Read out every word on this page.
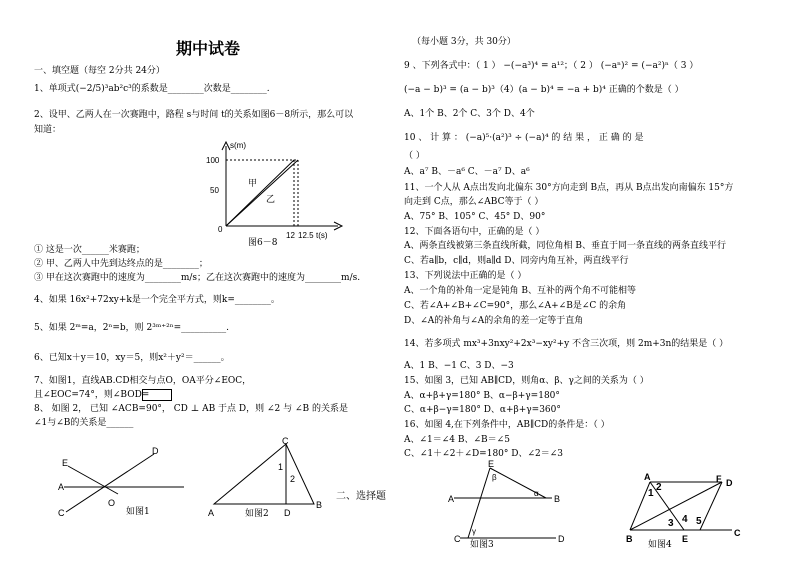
期中试卷
一、填空题（每空 2分共 24分）
1、单项式(−2/5)³ab²c³的系数是________次数是________.
2、设甲、乙两人在一次赛跑中，路程 s与时间 t的关系如图6－8所示，那么可以
知道：
s(m)
100
50
0
12 12.5 t(s)
甲
乙
图6－8
① 这是一次______米赛跑；
② 甲、乙两人中先到达终点的是________；
③ 甲在这次赛跑中的速度为________m/s；乙在这次赛跑中的速度为________m/s.
4、如果 16x²+72xy+k是一个完全平方式，则k=________。
5、如果 2ᵐ=a，2ⁿ=b，则 2³ᵐ⁺²ⁿ=__________.
6、已知x＋y＝10，xy＝5，则x²＋y²＝______。
7、如图1，直线AB.CD相交与点O，OA平分∠EOC，
且∠EOC=74°，则∠BOD=
8、 如图 2， 已知 ∠ACB=90°， CD ⊥ AB 于点 D，则 ∠2 与 ∠B 的关系是
∠1与∠B的关系是______
E
D
A
O
C	如图1
C
1
2
A	D
B
如图2
二、选择题
（每小题 3分，共 30分）
9 、下列各式中：（ 1 ） −(−a³)⁴ = a¹²；（ 2 ） (−aⁿ)² = (−a²)ⁿ（ 3 ）
(−a − b)³ = (a − b)³（4）(a − b)⁴ = −a + b)⁴ 正确的个数是（ ）
A、1个 B、2个 C、3个 D、4个
10 、 计 算 ： (−a)⁵·(a²)³ ÷ (−a)⁴ 的 结 果 ， 正 确 的 是
（ ）
A、a⁷ B、－a⁶ C、－a⁷ D、a⁶
11、一个人从 A点出发向北偏东 30°方向走到 B点，再从 B点出发向南偏东 15°方
向走到 C点，那么∠ABC等于（ ）
A、75° B、105° C、45° D、90°
12、下面各语句中，正确的是（ ）
A、两条直线被第三条直线所截，同位角相 B、垂直于同一条直线的两条直线平行
C、若a∥b，c∥d，则a∥d D、同旁内角互补，两直线平行
13、下列说法中正确的是（ ）
A、一个角的补角一定是钝角 B、互补的两个角不可能相等
C、若∠A+∠B+∠C=90°，那么∠A+∠B是∠C 的余角
D、∠A的补角与∠A的余角的差一定等于直角
14、若多项式 mx³+3nxy²+2x³−xy²+y 不含三次项，则 2m+3n的结果是（ ）
A、1 B、−1 C、3 D、−3
15、如图 3，已知 AB∥CD，则角α、β、γ之间的关系为（ ）
A、α+β+γ=180° B、α−β+γ=180°
C、α+β−γ=180° D、α+β+γ=360°
16、如图 4,在下列条件中，AB∥CD的条件是：（ ）
A、∠1＝∠4 B、∠B＝∠5
C、∠1＋∠2＋∠D=180° D、∠2＝∠3
E
β
A
α
B
C
γ
D
如图3
A
2
1
F D
3 4 5
B	E
C
如图4
